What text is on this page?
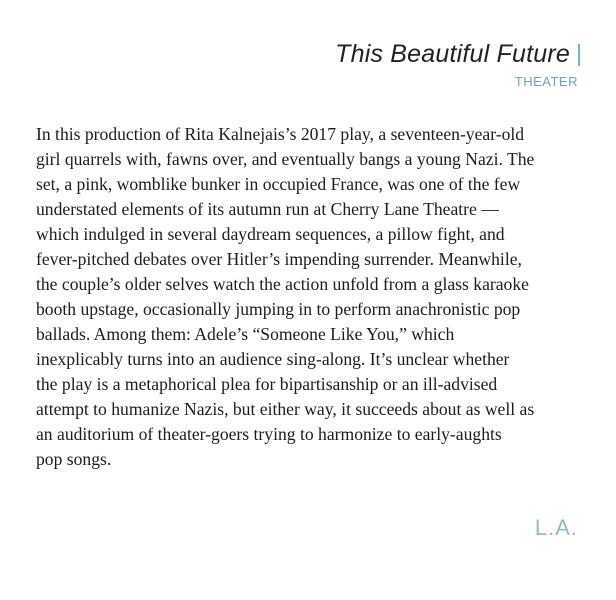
This Beautiful Future
THEATER

In this production of Rita Kalnejais’s 2017 play, a seventeen-year-old
girl quarrels with, fawns over, and eventually bangs a young Nazi. The
set, a pink, womblike bunker in occupied France, was one of the few
understated elements of its autumn run at Cherry Lane Theatre —
which indulged in several daydream sequences, a pillow fight, and
fever-pitched debates over Hitler’s impending surrender. Meanwhile,
the couple’s older selves watch the action unfold from a glass karaoke
booth upstage, occasionally jumping in to perform anachronistic pop
ballads. Among them: Adele’s “Someone Like You,” which
inexplicably turns into an audience sing-along. It’s unclear whether
the play is a metaphorical plea for bipartisanship or an ill-advised
attempt to humanize Nazis, but either way, it succeeds about as well as
an auditorium of theater-goers trying to harmonize to early-aughts
pop songs.

L.A.
